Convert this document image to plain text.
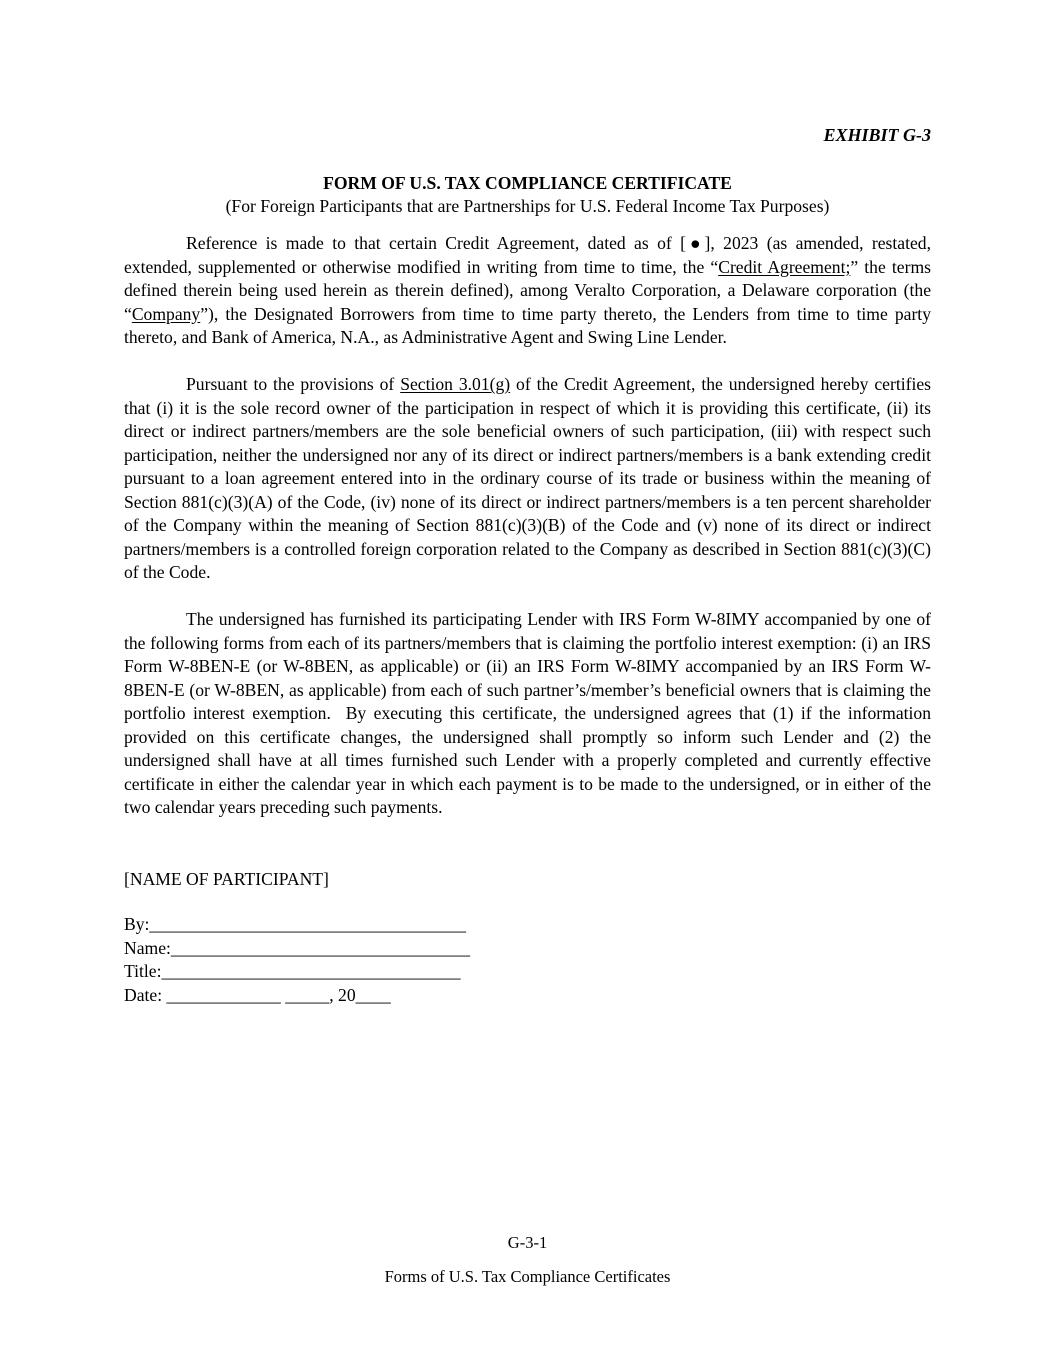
EXHIBIT G-3
FORM OF U.S. TAX COMPLIANCE CERTIFICATE
(For Foreign Participants that are Partnerships for U.S. Federal Income Tax Purposes)

Reference is made to that certain Credit Agreement, dated as of [●], 2023 (as amended, restated, extended, supplemented or otherwise modified in writing from time to time, the “Credit Agreement;” the terms defined therein being used herein as therein defined), among Veralto Corporation, a Delaware corporation (the “Company”), the Designated Borrowers from time to time party thereto, the Lenders from time to time party thereto, and Bank of America, N.A., as Administrative Agent and Swing Line Lender.

Pursuant to the provisions of Section 3.01(g) of the Credit Agreement, the undersigned hereby certifies that (i) it is the sole record owner of the participation in respect of which it is providing this certificate, (ii) its direct or indirect partners/members are the sole beneficial owners of such participation, (iii) with respect such participation, neither the undersigned nor any of its direct or indirect partners/members is a bank extending credit pursuant to a loan agreement entered into in the ordinary course of its trade or business within the meaning of Section 881(c)(3)(A) of the Code, (iv) none of its direct or indirect partners/members is a ten percent shareholder of the Company within the meaning of Section 881(c)(3)(B) of the Code and (v) none of its direct or indirect partners/members is a controlled foreign corporation related to the Company as described in Section 881(c)(3)(C) of the Code.

The undersigned has furnished its participating Lender with IRS Form W-8IMY accompanied by one of the following forms from each of its partners/members that is claiming the portfolio interest exemption: (i) an IRS Form W-8BEN-E (or W-8BEN, as applicable) or (ii) an IRS Form W-8IMY accompanied by an IRS Form W-8BEN-E (or W-8BEN, as applicable) from each of such partner’s/member’s beneficial owners that is claiming the portfolio interest exemption.  By executing this certificate, the undersigned agrees that (1) if the information provided on this certificate changes, the undersigned shall promptly so inform such Lender and (2) the undersigned shall have at all times furnished such Lender with a properly completed and currently effective certificate in either the calendar year in which each payment is to be made to the undersigned, or in either of the two calendar years preceding such payments.

[NAME OF PARTICIPANT]
By:____________________________________
Name:__________________________________
Title:__________________________________
Date: _____________ _____, 20____
G-3-1
Forms of U.S. Tax Compliance Certificates
